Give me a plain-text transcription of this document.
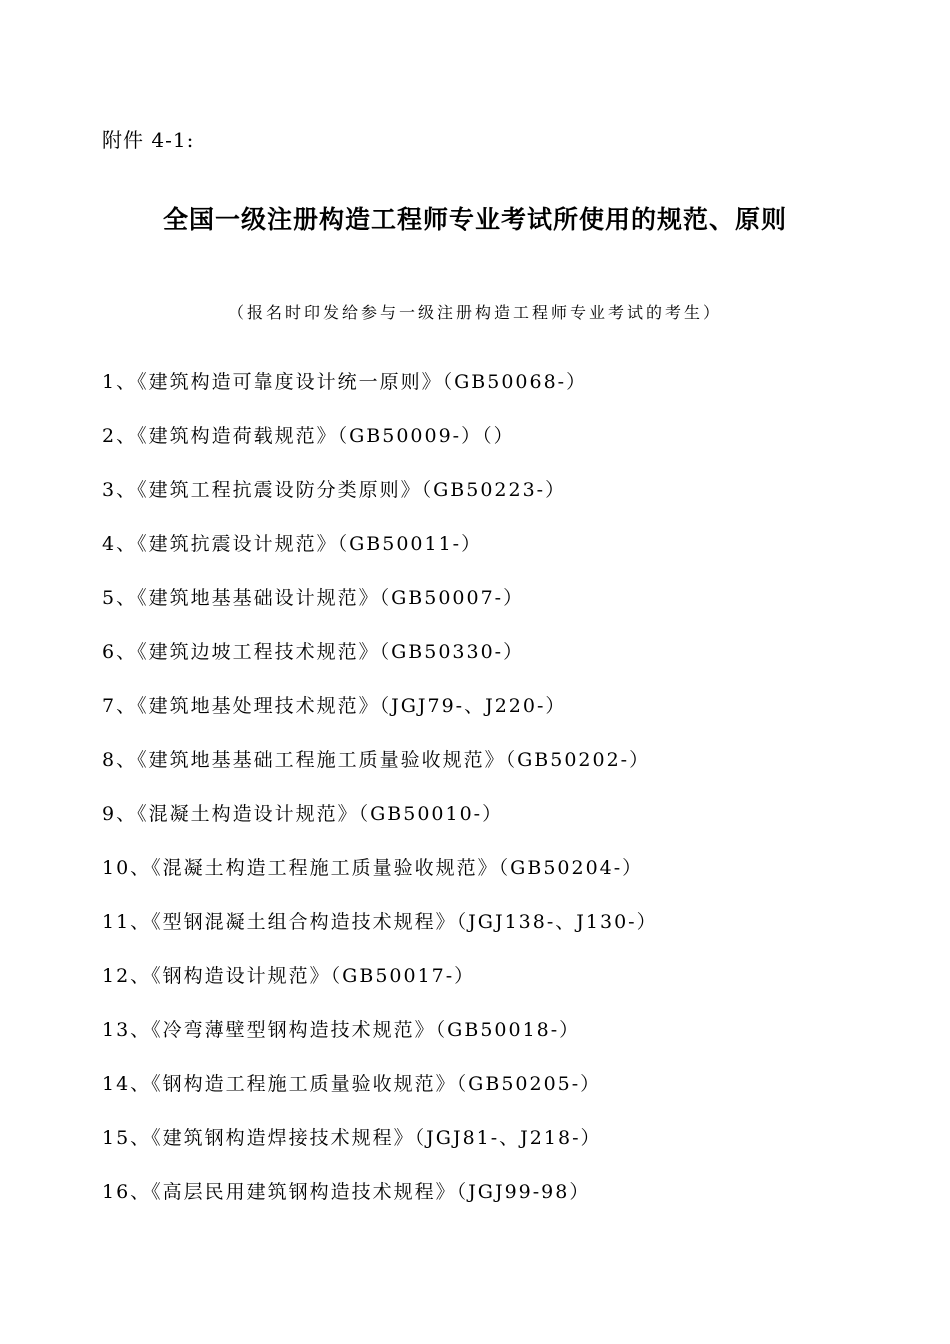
附件 4-1:
全国一级注册构造工程师专业考试所使用的规范、原则
（报名时印发给参与一级注册构造工程师专业考试的考生）
1、《建筑构造可靠度设计统一原则》（GB50068-）
2、《建筑构造荷载规范》（GB50009-）（）
3、《建筑工程抗震设防分类原则》（GB50223-）
4、《建筑抗震设计规范》（GB50011-）
5、《建筑地基基础设计规范》（GB50007-）
6、《建筑边坡工程技术规范》（GB50330-）
7、《建筑地基处理技术规范》（JGJ79-、J220-）
8、《建筑地基基础工程施工质量验收规范》（GB50202-）
9、《混凝土构造设计规范》（GB50010-）
10、《混凝土构造工程施工质量验收规范》（GB50204-）
11、《型钢混凝土组合构造技术规程》（JGJ138-、J130-）
12、《钢构造设计规范》（GB50017-）
13、《冷弯薄壁型钢构造技术规范》（GB50018-）
14、《钢构造工程施工质量验收规范》（GB50205-）
15、《建筑钢构造焊接技术规程》（JGJ81-、J218-）
16、《高层民用建筑钢构造技术规程》（JGJ99-98）
